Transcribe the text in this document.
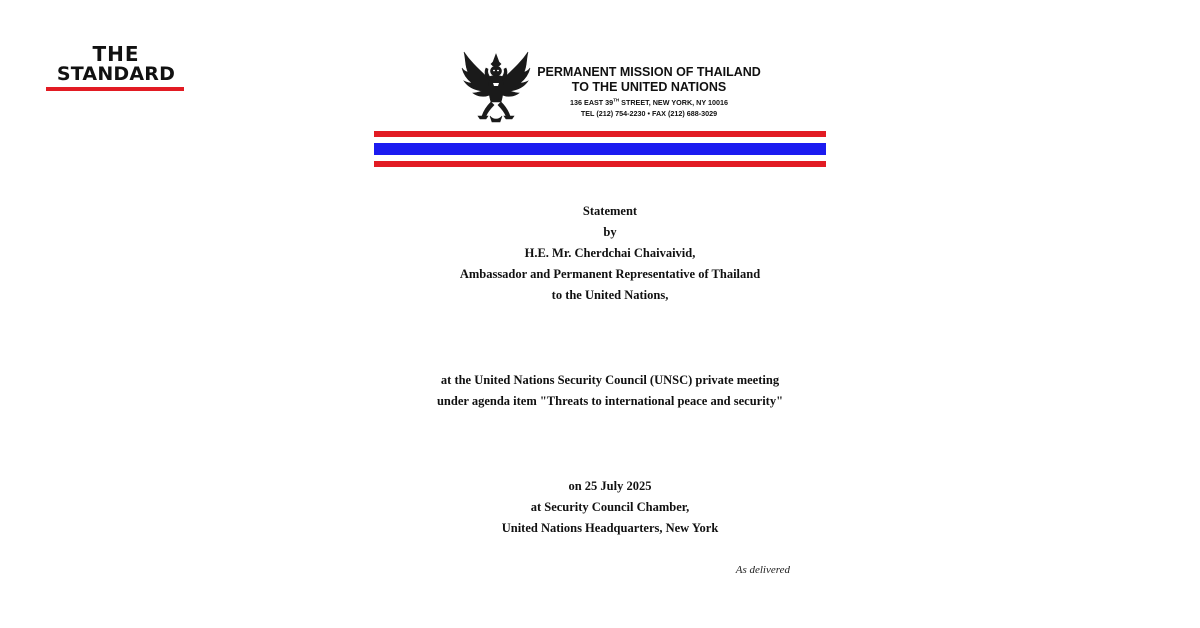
THE
STANDARD	PERMANENT MISSION OF THAILAND
TO THE UNITED NATIONS
136 EAST 39TH STREET, NEW YORK, NY 10016
TEL (212) 754-2230 • FAX (212) 688-3029
Statement
by
H.E. Mr. Cherdchai Chaivaivid,
Ambassador and Permanent Representative of Thailand
to the United Nations,
at the United Nations Security Council (UNSC) private meeting
under agenda item "Threats to international peace and security"
on 25 July 2025
at Security Council Chamber,
United Nations Headquarters, New York
As delivered
